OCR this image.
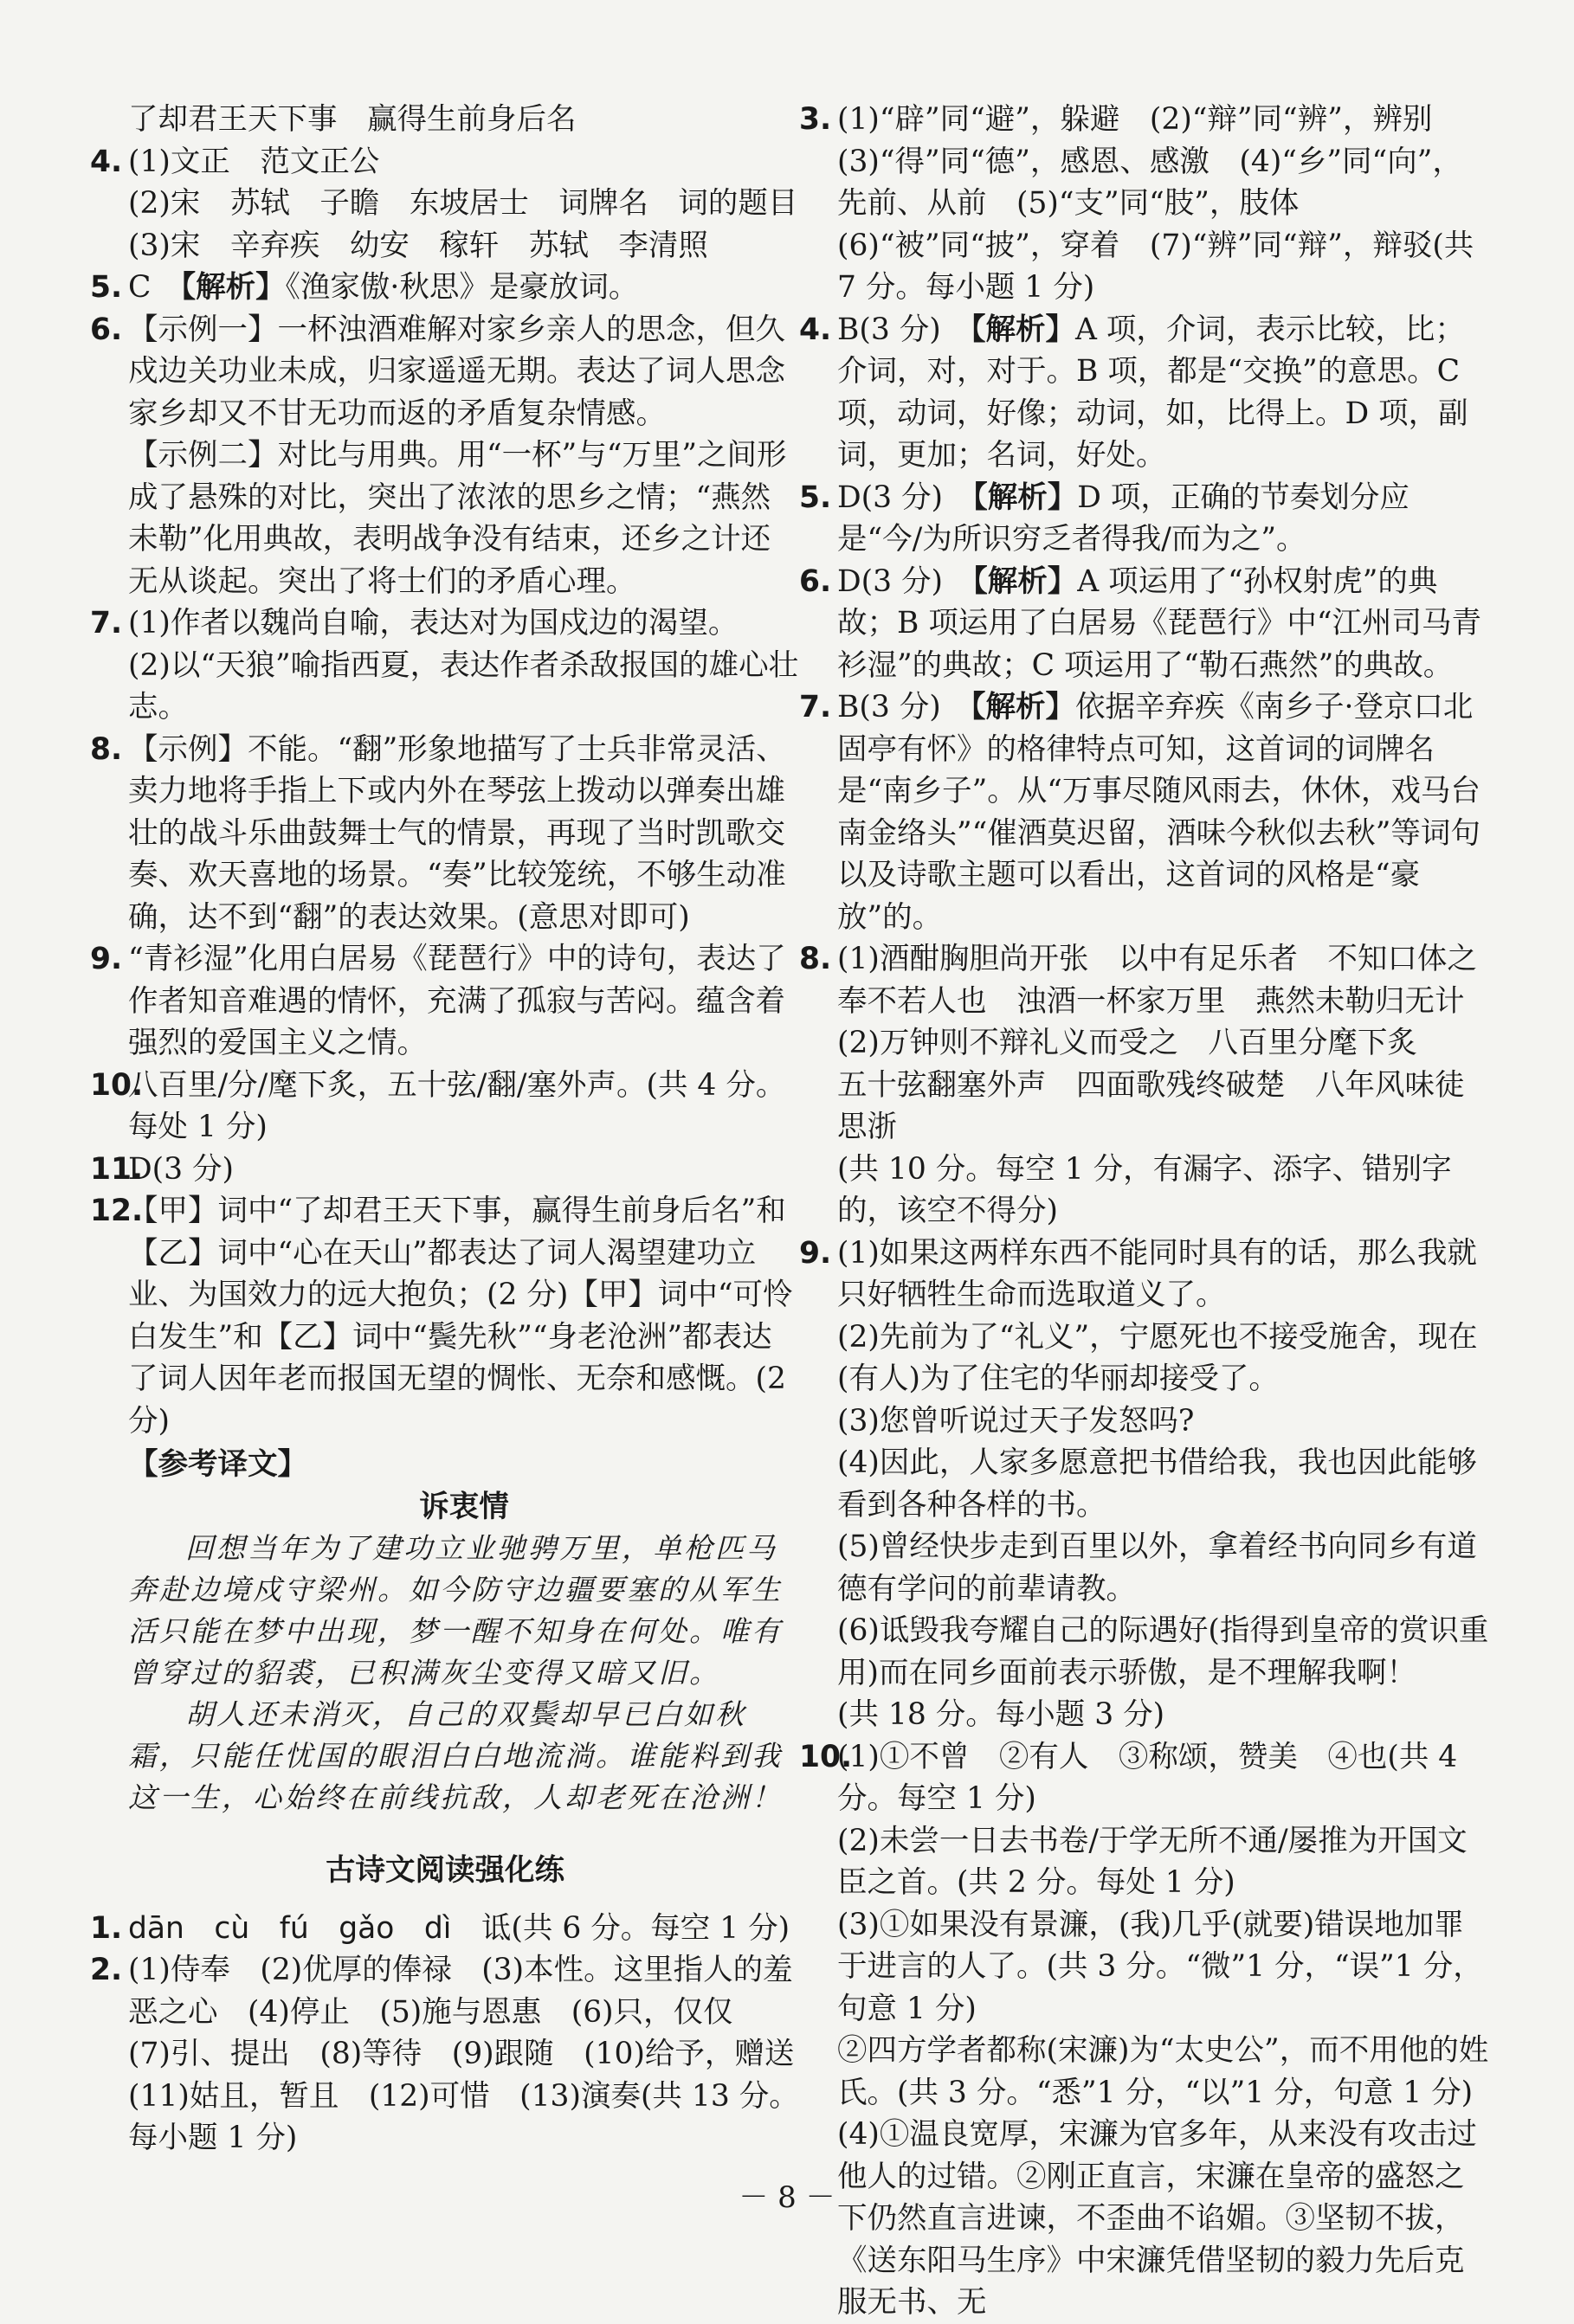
了却君王天下事　赢得生前身后名

4. (1)文正　范文正公

(2)宋　苏轼　子瞻　东坡居士　词牌名　词的题目

(3)宋　辛弃疾　幼安　稼轩　苏轼　李清照

5. C　【解析】《渔家傲·秋思》是豪放词。

6. 【示例一】一杯浊酒难解对家乡亲人的思念，但久戍边关功业未成，归家遥遥无期。表达了词人思念家乡却又不甘无功而返的矛盾复杂情感。

【示例二】对比与用典。用“一杯”与“万里”之间形成了悬殊的对比，突出了浓浓的思乡之情；“燕然未勒”化用典故，表明战争没有结束，还乡之计还无从谈起。突出了将士们的矛盾心理。

7. (1)作者以魏尚自喻，表达对为国戍边的渴望。

(2)以“天狼”喻指西夏，表达作者杀敌报国的雄心壮志。

8. 【示例】不能。“翻”形象地描写了士兵非常灵活、卖力地将手指上下或内外在琴弦上拨动以弹奏出雄壮的战斗乐曲鼓舞士气的情景，再现了当时凯歌交奏、欢天喜地的场景。“奏”比较笼统，不够生动准确，达不到“翻”的表达效果。(意思对即可)

9. “青衫湿”化用白居易《琵琶行》中的诗句，表达了作者知音难遇的情怀，充满了孤寂与苦闷。蕴含着强烈的爱国主义之情。

10.八百里/分/麾下炙，五十弦/翻/塞外声。(共 4 分。每处 1 分)

11.D(3 分)

12.【甲】词中“了却君王天下事，赢得生前身后名”和【乙】词中“心在天山”都表达了词人渴望建功立业、为国效力的远大抱负；(2 分)【甲】词中“可怜白发生”和【乙】词中“鬓先秋”“身老沧洲”都表达了词人因年老而报国无望的惆怅、无奈和感慨。(2 分)

【参考译文】

诉衷情

回想当年为了建功立业驰骋万里，单枪匹马奔赴边境戍守梁州。如今防守边疆要塞的从军生活只能在梦中出现，梦一醒不知身在何处。唯有曾穿过的貂裘，已积满灰尘变得又暗又旧。

胡人还未消灭，自己的双鬓却早已白如秋霜，只能任忧国的眼泪白白地流淌。谁能料到我这一生，心始终在前线抗敌，人却老死在沧洲！

古诗文阅读强化练

1. dān　cù　fú　gǎo　dì　诋(共 6 分。每空 1 分)

2. (1)侍奉　(2)优厚的俸禄　(3)本性。这里指人的羞恶之心　(4)停止　(5)施与恩惠　(6)只，仅仅　(7)引、提出　(8)等待　(9)跟随　(10)给予，赠送　(11)姑且，暂且　(12)可惜　(13)演奏(共 13 分。每小题 1 分)

3. (1)“辟”同“避”，躲避　(2)“辩”同“辨”，辨别　(3)“得”同“德”，感恩、感激　(4)“乡”同“向”，先前、从前　(5)“支”同“肢”，肢体　(6)“被”同“披”，穿着　(7)“辨”同“辩”，辩驳(共 7 分。每小题 1 分)

4. B(3 分)　【解析】A 项，介词，表示比较，比；介词，对，对于。B 项，都是“交换”的意思。C 项，动词，好像；动词，如，比得上。D 项，副词，更加；名词，好处。

5. D(3 分)　【解析】D 项，正确的节奏划分应是“今/为所识穷乏者得我/而为之”。

6. D(3 分)　【解析】A 项运用了“孙权射虎”的典故；B 项运用了白居易《琵琶行》中“江州司马青衫湿”的典故；C 项运用了“勒石燕然”的典故。

7. B(3 分)　【解析】依据辛弃疾《南乡子·登京口北固亭有怀》的格律特点可知，这首词的词牌名是“南乡子”。从“万事尽随风雨去，休休，戏马台南金络头”“催酒莫迟留，酒味今秋似去秋”等词句以及诗歌主题可以看出，这首词的风格是“豪放”的。

8. (1)酒酣胸胆尚开张　以中有足乐者　不知口体之奉不若人也　浊酒一杯家万里　燕然未勒归无计

(2)万钟则不辩礼义而受之　八百里分麾下炙

五十弦翻塞外声　四面歌残终破楚　八年风味徒思浙

(共 10 分。每空 1 分，有漏字、添字、错别字的，该空不得分)

9. (1)如果这两样东西不能同时具有的话，那么我就只好牺牲生命而选取道义了。

(2)先前为了“礼义”，宁愿死也不接受施舍，现在(有人)为了住宅的华丽却接受了。

(3)您曾听说过天子发怒吗?

(4)因此，人家多愿意把书借给我，我也因此能够看到各种各样的书。

(5)曾经快步走到百里以外，拿着经书向同乡有道德有学问的前辈请教。

(6)诋毁我夸耀自己的际遇好(指得到皇帝的赏识重用)而在同乡面前表示骄傲，是不理解我啊！

(共 18 分。每小题 3 分)

10.(1)①不曾　②有人　③称颂，赞美　④也(共 4 分。每空 1 分)

(2)未尝一日去书卷/于学无所不通/屡推为开国文臣之首。(共 2 分。每处 1 分)

(3)①如果没有景濂，(我)几乎(就要)错误地加罪于进言的人了。(共 3 分。“微”1 分，“误”1 分，句意 1 分)

②四方学者都称(宋濂)为“太史公”，而不用他的姓氏。(共 3 分。“悉”1 分，“以”1 分，句意 1 分)

(4)①温良宽厚，宋濂为官多年，从来没有攻击过他人的过错。②刚正直言，宋濂在皇帝的盛怒之下仍然直言进谏，不歪曲不谄媚。③坚韧不拔，《送东阳马生序》中宋濂凭借坚韧的毅力先后克服无书、无

－ 8 －
